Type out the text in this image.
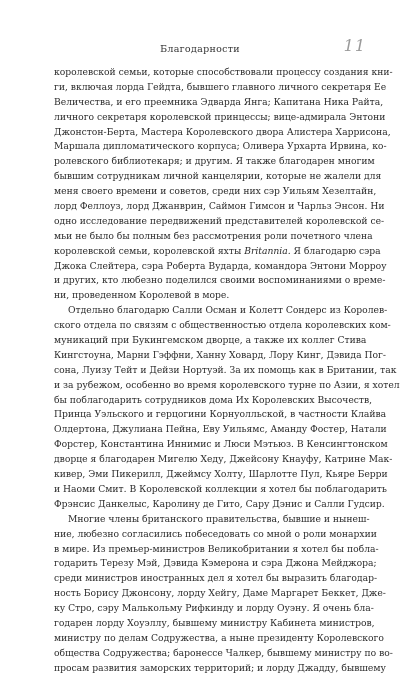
Благодарности	11
королевской семьи, которые способствовали процессу создания кни-
ги, включая лорда Гейдта, бывшего главного личного секретаря Ее
Величества, и его преемника Эдварда Янга; Капитана Ника Райта,
личного секретаря королевской принцессы; вице-адмирала Энтони
Джонстон-Берта, Мастера Королевского двора Алистера Харрисона,
Маршала дипломатического корпуса; Оливера Урхарта Ирвина, ко-
ролевского библиотекаря; и другим. Я также благодарен многим
бывшим сотрудникам личной канцелярии, которые не жалели для
меня своего времени и советов, среди них сэр Уильям Хезелтайн,
лорд Феллоуз, лорд Джанврин, Саймон Гимсон и Чарльз Энсон. Ни
одно исследование передвижений представителей королевской се-
мьи не было бы полным без рассмотрения роли почетного члена
королевской семьи, королевской яхты Britannia. Я благодарю сэра
Джока Слейтера, сэра Роберта Вударда, командора Энтони Морроу
и других, кто любезно поделился своими воспоминаниями о време-
ни, проведенном Королевой в море.
Отдельно благодарю Салли Осман и Колетт Сондерс из Королев-
ского отдела по связям с общественностью отдела королевских ком-
муникаций при Букингемском дворце, а также их коллег Стива
Кингстоуна, Марни Гэффни, Ханну Ховард, Лору Кинг, Дэвида Пог-
сона, Луизу Тейт и Дейзи Нортуэй. За их помощь как в Британии, так
и за рубежом, особенно во время королевского турне по Азии, я хотел
бы поблагодарить сотрудников дома Их Королевских Высочеств,
Принца Уэльского и герцогини Корнуолльской, в частности Клайва
Олдертона, Джулиана Пейна, Еву Уильямс, Аманду Фостер, Натали
Форстер, Константина Иннимис и Люси Мэтьюз. В Кенсингтонском
дворце я благодарен Мигелю Хеду, Джейсону Кнауфу, Катрине Мак-
кивер, Эми Пикерилл, Джеймсу Холту, Шарлотте Пул, Кьяре Берри
и Наоми Смит. В Королевской коллекции я хотел бы поблагодарить
Фрэнсис Данкелыс, Каролину де Гито, Сару Дэнис и Салли Гудсир.
Многие члены британского правительства, бывшие и нынеш-
ние, любезно согласились побеседовать со мной о роли монархии
в мире. Из премьер-министров Великобритании я хотел бы побла-
годарить Терезу Мэй, Дэвида Кэмерона и сэра Джона Мейджора;
среди министров иностранных дел я хотел бы выразить благодар-
ность Борису Джонсону, лорду Хейгу, Даме Маргарет Беккет, Дже-
ку Стро, сэру Малькольму Рифкинду и лорду Оуэну. Я очень бла-
годарен лорду Хоуэллу, бывшему министру Кабинета министров,
министру по делам Содружества, а ныне президенту Королевского
общества Содружества; баронессе Чалкер, бывшему министру по во-
просам развития заморских территорий; и лорду Джадду, бывшему
